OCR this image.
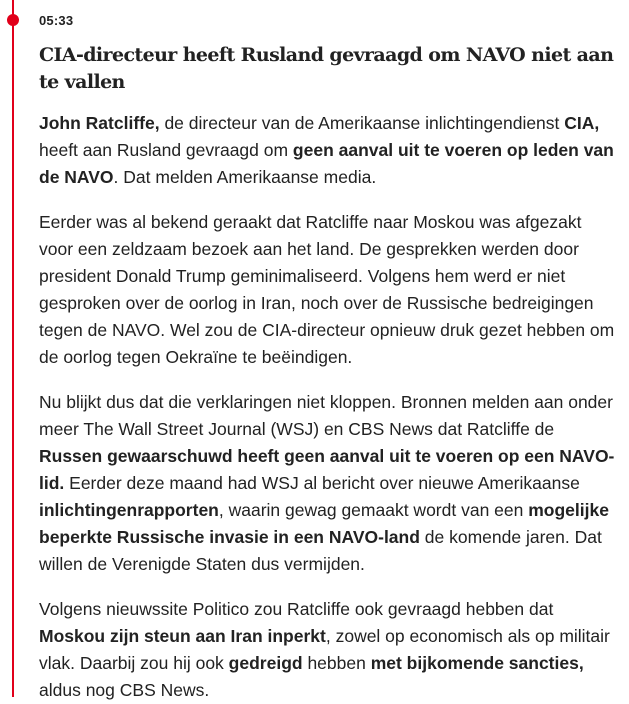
05:33

CIA-directeur heeft Rusland gevraagd om NAVO niet aan te vallen

John Ratcliffe, de directeur van de Amerikaanse inlichtingendienst CIA, heeft aan Rusland gevraagd om geen aanval uit te voeren op leden van de NAVO. Dat melden Amerikaanse media.

Eerder was al bekend geraakt dat Ratcliffe naar Moskou was afgezakt voor een zeldzaam bezoek aan het land. De gesprekken werden door president Donald Trump geminimaliseerd. Volgens hem werd er niet gesproken over de oorlog in Iran, noch over de Russische bedreigingen tegen de NAVO. Wel zou de CIA-directeur opnieuw druk gezet hebben om de oorlog tegen Oekraïne te beëindigen.

Nu blijkt dus dat die verklaringen niet kloppen. Bronnen melden aan onder meer The Wall Street Journal (WSJ) en CBS News dat Ratcliffe de Russen gewaarschuwd heeft geen aanval uit te voeren op een NAVO-lid. Eerder deze maand had WSJ al bericht over nieuwe Amerikaanse inlichtingenrapporten, waarin gewag gemaakt wordt van een mogelijke beperkte Russische invasie in een NAVO-land de komende jaren. Dat willen de Verenigde Staten dus vermijden.

Volgens nieuwssite Politico zou Ratcliffe ook gevraagd hebben dat Moskou zijn steun aan Iran inperkt, zowel op economisch als op militair vlak. Daarbij zou hij ook gedreigd hebben met bijkomende sancties, aldus nog CBS News.
